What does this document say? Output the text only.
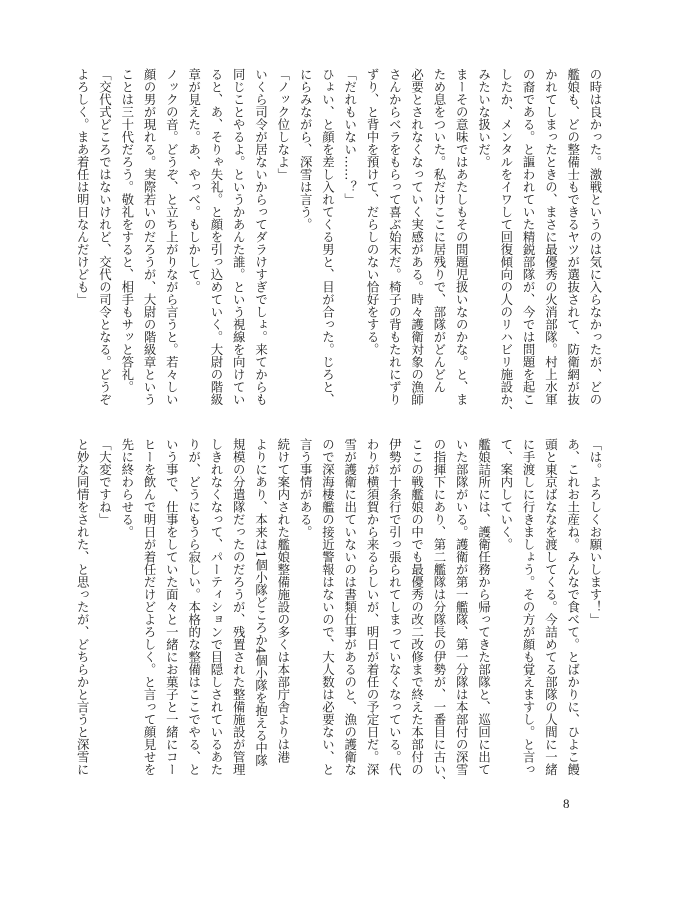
の時は良かった。激戦というのは気に入らなかったが、どの
艦娘も、どの整備士もできるヤツが選抜されて、防衛網が抜
かれてしまったときの、まさに最優秀の火消部隊。村上水軍
の裔である。と謳われていた精鋭部隊が、今では問題を起こ
したか、メンタルをイワして回復傾向の人のリハビリ施設か、
みたいな扱いだ。
まーその意味ではあたしもその問題児扱いなのかな。と、ま
ため息をついた。私だけここに居残りで、部隊がどんどん
必要とされなくなっていく実感がある。時々護衛対象の漁師
さんからベラをもらって喜ぶ始末だ。椅子の背もたれにずり
ずり、と背中を預けて、だらしのない恰好をする。
「だれもいない……？」
ひょい、と顔を差し入れてくる男と、目が合った。じろと、
にらみながら、深雪は言う。
「ノック位しなよ」
いくら司令が居ないからってダラけすぎでしょ。来てからも
同じことやるよ。というかあんた誰。という視線を向けてい
ると、あ、そりゃ失礼。と顔を引っ込めていく。大尉の階級
章が見えた。あ、やっべ。もしかして。
ノックの音。どうぞ、と立ち上がりながら言うと。若々しい
顔の男が現れる。実際若いのだろうが、大尉の階級章という
ことは三十代だろう。敬礼をすると、相手もサッと答礼。
「交代式どころではないけれど、交代の司令となる。どうぞ
よろしく。まあ着任は明日なんだけども」
「は。よろしくお願いします！」
あ、これお土産ね。みんなで食べて。とばかりに、ひよこ饅
頭と東京ばななを渡してくる。今詰めてる部隊の人間に一緒
に手渡しに行きましょう。その方が顔も覚えますし。と言っ
て、案内していく。
艦娘詰所には、護衛任務から帰ってきた部隊と、巡回に出て
いた部隊がいる。護衛が第一艦隊、第一分隊は本部付の深雪
の指揮下にあり、第二艦隊は分隊長の伊勢が、一番目に古い、
ここの戦艦娘の中でも最優秀の改二改修まで終えた本部付の
伊勢が十条行で引っ張られてしまっていなくなっている。代
わりが横須賀から来るらしいが、明日が着任の予定日だ。深
雪が護衛に出ていないのは書類仕事があるのと、漁の護衛な
ので深海棲艦の接近警報はないので、大人数は必要ない、と
言う事情がある。
続けて案内された艦娘整備施設の多くは本部庁舎よりは港
よりにあり、本来は1個小隊どころか4個小隊を抱える中隊
規模の分遣隊だったのだろうが、残置された整備施設が管理
しきれなくなって、パーティションで目隠しされているあた
りが、どうにもうら寂しい。本格的な整備はここでやる、と
いう事で、仕事をしていた面々と一緒にお菓子と一緒にコー
ヒーを飲んで明日が着任だけどよろしく。と言って顔見せを
先に終わらせる。
「大変ですね」
と妙な同情をされた、と思ったが、どちらかと言うと深雪に
8
